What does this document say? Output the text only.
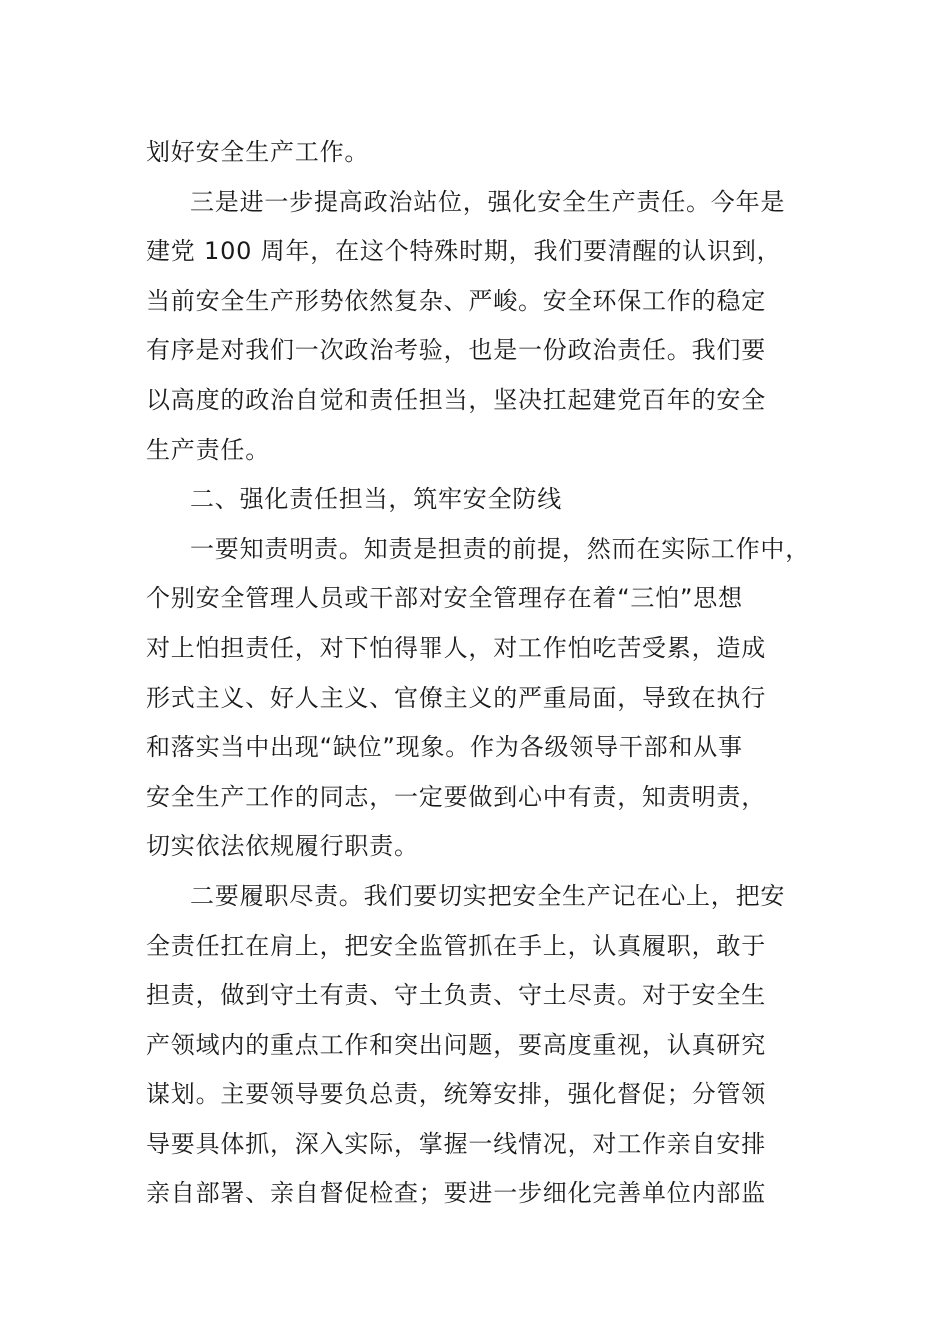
划好安全生产工作。
三是进一步提高政治站位，强化安全生产责任。今年是
建党 100 周年，在这个特殊时期，我们要清醒的认识到，
当前安全生产形势依然复杂、严峻。安全环保工作的稳定
有序是对我们一次政治考验，也是一份政治责任。我们要
以高度的政治自觉和责任担当，坚决扛起建党百年的安全
生产责任。
二、强化责任担当，筑牢安全防线
一要知责明责。知责是担责的前提，然而在实际工作中，
个别安全管理人员或干部对安全管理存在着“三怕”思想
对上怕担责任，对下怕得罪人，对工作怕吃苦受累，造成
形式主义、好人主义、官僚主义的严重局面，导致在执行
和落实当中出现“缺位”现象。作为各级领导干部和从事
安全生产工作的同志，一定要做到心中有责，知责明责，
切实依法依规履行职责。
二要履职尽责。我们要切实把安全生产记在心上，把安
全责任扛在肩上，把安全监管抓在手上，认真履职，敢于
担责，做到守土有责、守土负责、守土尽责。对于安全生
产领域内的重点工作和突出问题，要高度重视，认真研究
谋划。主要领导要负总责，统筹安排，强化督促；分管领
导要具体抓，深入实际，掌握一线情况，对工作亲自安排
亲自部署、亲自督促检查；要进一步细化完善单位内部监
